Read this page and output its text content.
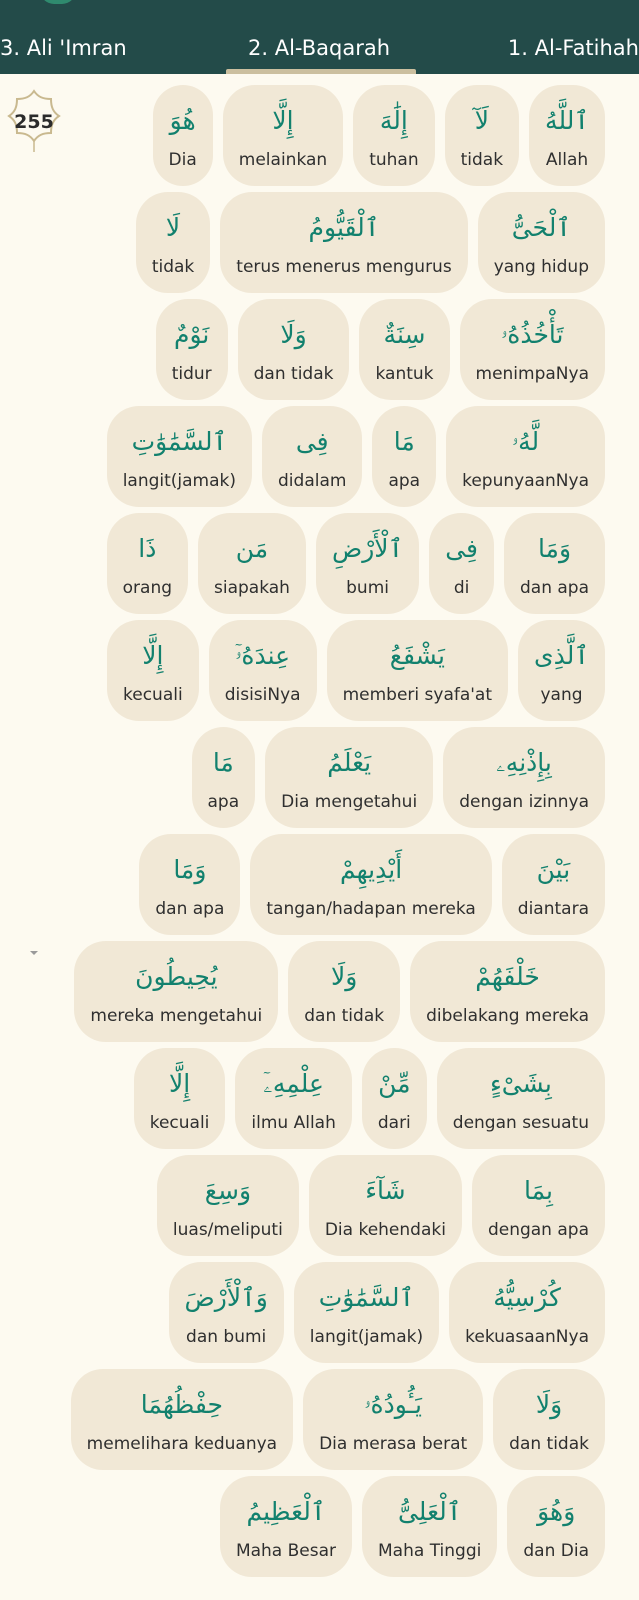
3. Ali 'Imran	2. Al-Baqarah	1. Al-Fatihah
255	ٱللَّهُ
Allah
لَآ
tidak
إِلَٰهَ
tuhan
إِلَّا
melainkan
هُوَ
Dia
ٱلْحَىُّ
yang hidup
ٱلْقَيُّومُ
terus menerus mengurus
لَا
tidak
تَأْخُذُهُۥ
menimpaNya
سِنَةٌ
kantuk
وَلَا
dan tidak
نَوْمٌ
tidur
لَّهُۥ
kepunyaanNya
مَا
apa
فِى
didalam
ٱلسَّمَٰوَٰتِ
langit(jamak)
وَمَا
dan apa
فِى
di
ٱلْأَرْضِ
bumi
مَن
siapakah
ذَا
orang
ٱلَّذِى
yang
يَشْفَعُ
memberi syafa'at
عِندَهُۥٓ
disisiNya
إِلَّا
kecuali
بِإِذْنِهِۦ
dengan izinnya
يَعْلَمُ
Dia mengetahui
مَا
apa
بَيْنَ
diantara
أَيْدِيهِمْ
tangan/hadapan mereka
وَمَا
dan apa
خَلْفَهُمْ
dibelakang mereka
وَلَا
dan tidak
يُحِيطُونَ
mereka mengetahui
بِشَىْءٍ
dengan sesuatu
مِّنْ
dari
عِلْمِهِۦٓ
ilmu Allah
إِلَّا
kecuali
بِمَا
dengan apa
شَآءَ
Dia kehendaki
وَسِعَ
luas/meliputi
كُرْسِيُّهُ
kekuasaanNya
ٱلسَّمَٰوَٰتِ
langit(jamak)
وَٱلْأَرْضَ
dan bumi
وَلَا
dan tidak
يَـُٔودُهُۥ
Dia merasa berat
حِفْظُهُمَا
memelihara keduanya
وَهُوَ
dan Dia
ٱلْعَلِىُّ
Maha Tinggi
ٱلْعَظِيمُ
Maha Besar
